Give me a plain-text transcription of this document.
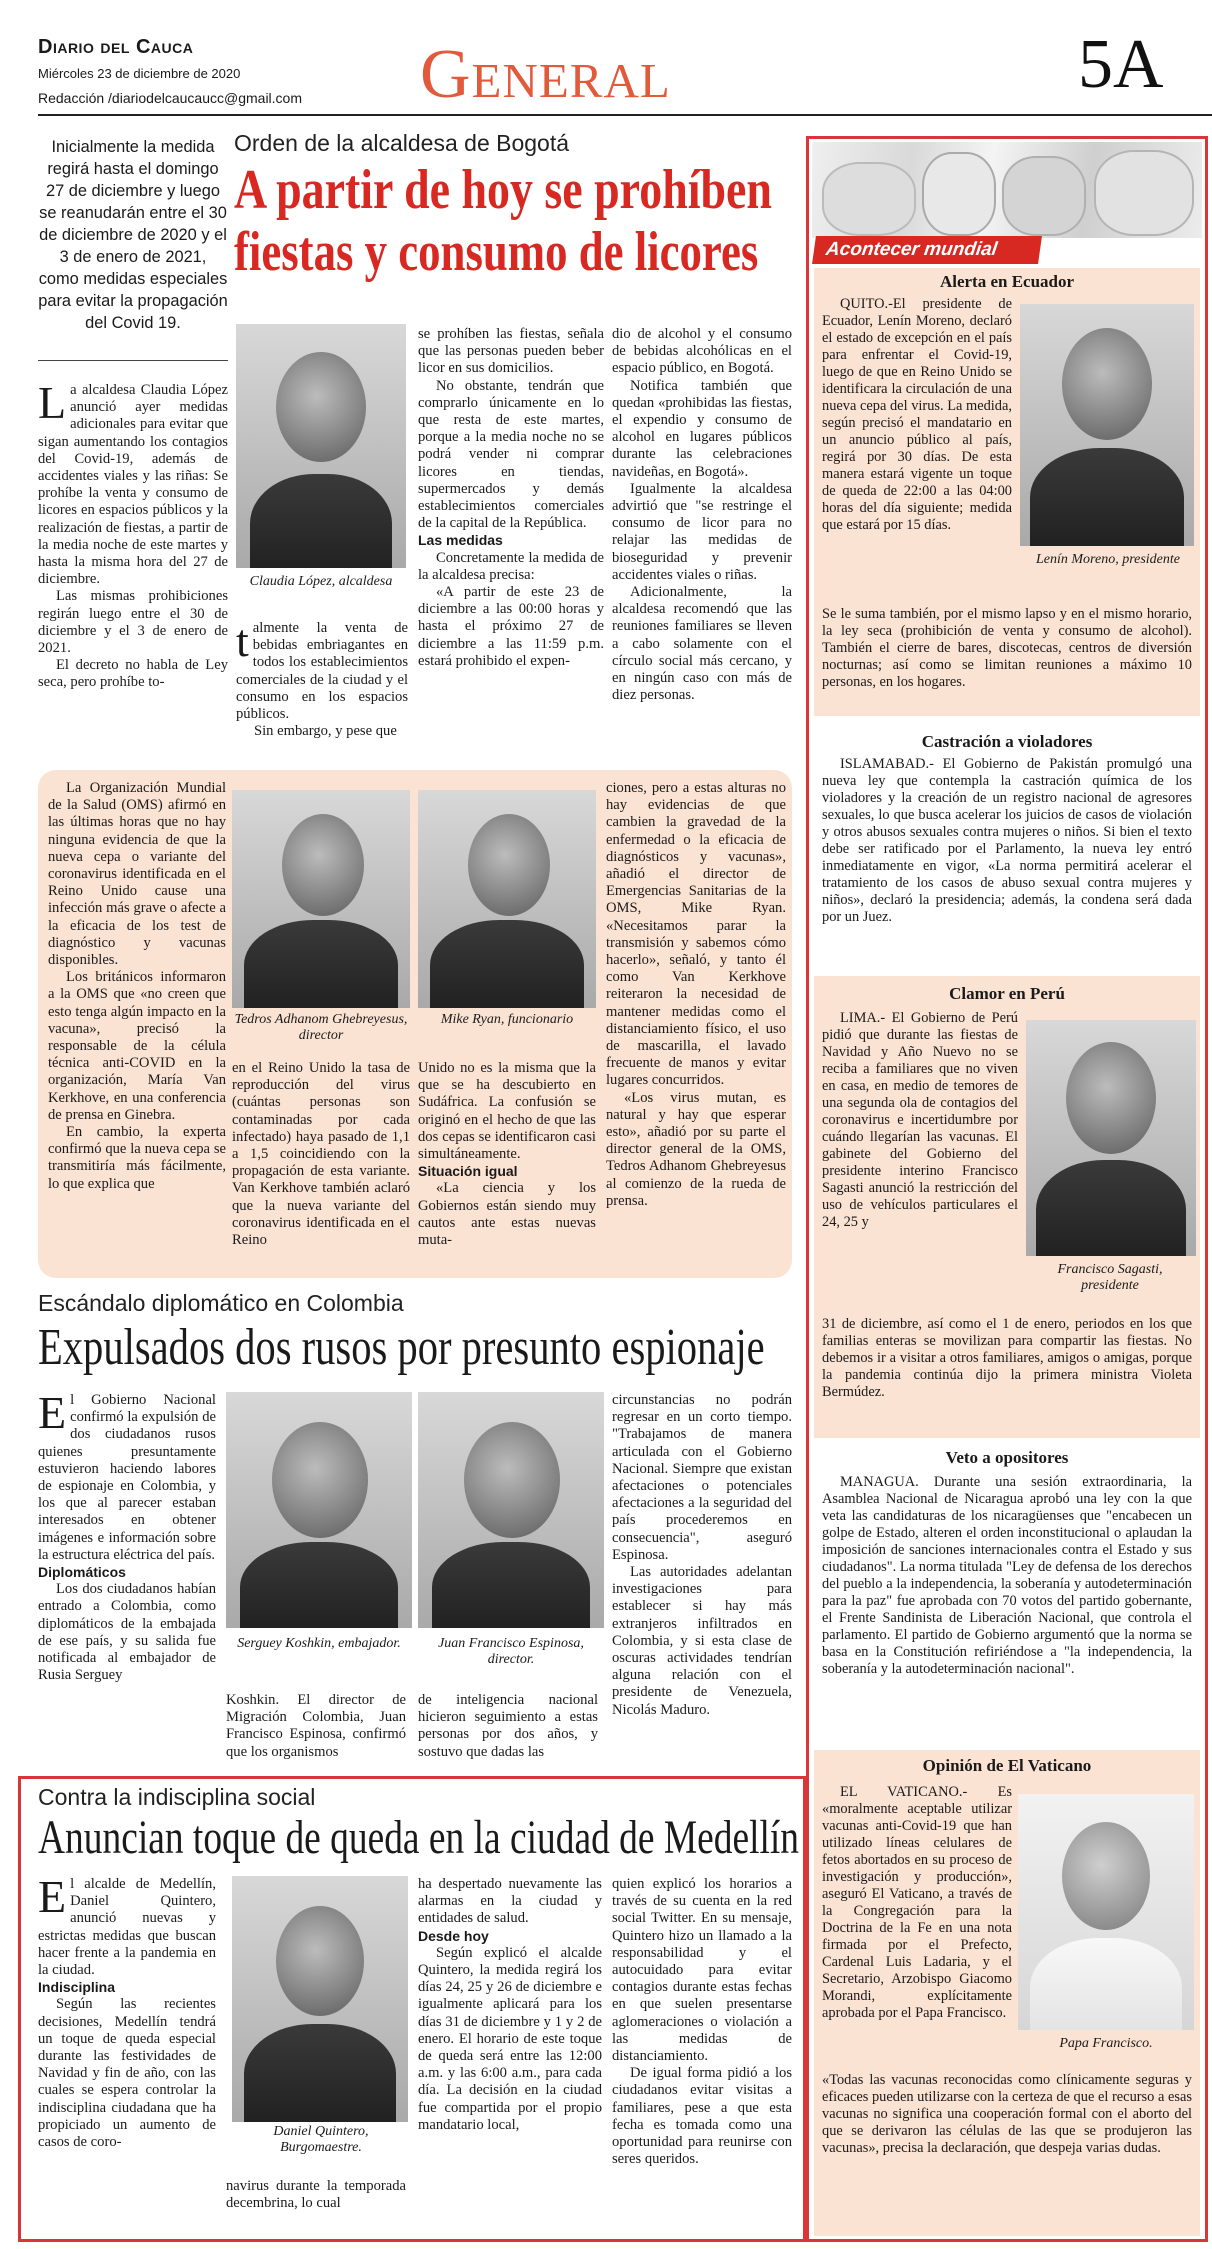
Diario del Cauca
Miércoles 23 de diciembre de 2020
Redacción /diariodelcaucaucc@gmail.com General	5A
Inicialmente la medida regirá hasta el domingo 27 de diciembre y luego se reanudarán entre el 30 de diciembre de 2020 y el 3 de enero de 2021, como medidas especiales para evitar la propagación del Covid 19.
Orden de la alcaldesa de Bogotá
A partir de hoy se prohíben
fiestas y consumo de licores
Claudia López, alcaldesa

La alcaldesa Claudia López anunció ayer medidas adicionales para evitar que sigan aumentando los contagios del Covid-19, además de accidentes viales y las riñas: Se prohíbe la venta y consumo de licores en espacios públicos y la realización de fiestas, a partir de la media noche de este martes y hasta la misma hora del 27 de diciembre.

Las mismas prohibiciones regirán luego entre el 30 de diciembre y el 3 de enero de 2021.

El decreto no habla de Ley seca, pero prohíbe to-

talmente la venta de bebidas embriagantes en todos los establecimientos comerciales de la ciudad y el consumo en los espacios públicos.

Sin embargo, y pese que

se prohíben las fiestas, señala que las personas pueden beber licor en sus domicilios.

No obstante, tendrán que comprarlo únicamente en lo que resta de este martes, porque a la media noche no se podrá vender ni comprar licores en tiendas, supermercados y demás establecimientos comerciales de la capital de la República.

Las medidas

Concretamente la medida de la alcaldesa precisa:

«A partir de este 23 de diciembre a las 00:00 horas y hasta el próximo 27 de diciembre a las 11:59 p.m. estará prohibido el expen-

dio de alcohol y el consumo de bebidas alcohólicas en el espacio público, en Bogotá.

Notifica también que quedan «prohibidas las fiestas, el expendio y consumo de alcohol en lugares públicos durante las celebraciones navideñas, en Bogotá».

Igualmente la alcaldesa advirtió que "se restringe el consumo de licor para no relajar las medidas de bioseguridad y prevenir accidentes viales o riñas.

Adicionalmente, la alcaldesa recomendó que las reuniones familiares se lleven a cabo solamente con el círculo social más cercano, y en ningún caso con más de diez personas.

La Organización Mundial de la Salud (OMS) afirmó en las últimas horas que no hay ninguna evidencia de que la nueva cepa o variante del coronavirus identificada en el Reino Unido cause una infección más grave o afecte a la eficacia de los test de diagnóstico y vacunas disponibles.

Los británicos informaron a la OMS que «no creen que esto tenga algún impacto en la vacuna», precisó la responsable de la célula técnica anti-COVID en la organización, María Van Kerkhove, en una conferencia de prensa en Ginebra.

En cambio, la experta confirmó que la nueva cepa se transmitiría más fácilmente, lo que explica que

Tedros Adhanom Ghebreyesus, director
Mike Ryan, funcionario

en el Reino Unido la tasa de reproducción del virus (cuántas personas son contaminadas por cada infectado) haya pasado de 1,1 a 1,5 coincidiendo con la propagación de esta variante. Van Kerkhove también aclaró que la nueva variante del coronavirus identificada en el Reino

Unido no es la misma que la que se ha descubierto en Sudáfrica. La confusión se originó en el hecho de que las dos cepas se identificaron casi simultáneamente.

Situación igual

«La ciencia y los Gobiernos están siendo muy cautos ante estas nuevas muta-

ciones, pero a estas alturas no hay evidencias de que cambien la gravedad de la enfermedad o la eficacia de diagnósticos y vacunas», añadió el director de Emergencias Sanitarias de la OMS, Mike Ryan. «Necesitamos parar la transmisión y sabemos cómo hacerlo», señaló, y tanto él como Van Kerkhove reiteraron la necesidad de mantener medidas como el distanciamiento físico, el uso de mascarilla, el lavado frecuente de manos y evitar lugares concurridos.

«Los virus mutan, es natural y hay que esperar esto», añadió por su parte el director general de la OMS, Tedros Adhanom Ghebreyesus al comienzo de la rueda de prensa.

Escándalo diplomático en Colombia
Expulsados dos rusos por presunto espionaje

El Gobierno Nacional confirmó la expulsión de dos ciudadanos rusos quienes presuntamente estuvieron haciendo labores de espionaje en Colombia, y los que al parecer estaban interesados en obtener imágenes e información sobre la estructura eléctrica del país.

Diplomáticos

Los dos ciudadanos habían entrado a Colombia, como diplomáticos de la embajada de ese país, y su salida fue notificada al embajador de Rusia Serguey

Serguey Koshkin, embajador.	Juan Francisco Espinosa, director.

Koshkin. El director de Migración Colombia, Juan Francisco Espinosa, confirmó que los organismos

de inteligencia nacional hicieron seguimiento a estas personas por dos años, y sostuvo que dadas las

circunstancias no podrán regresar en un corto tiempo. "Trabajamos de manera articulada con el Gobierno Nacional. Siempre que existan afectaciones o potenciales afectaciones a la seguridad del país procederemos en consecuencia", aseguró Espinosa.

Las autoridades adelantan investigaciones para establecer si hay más extranjeros infiltrados en Colombia, y si esta clase de oscuras actividades tendrían alguna relación con el presidente de Venezuela, Nicolás Maduro.

Contra la indisciplina social
Anuncian toque de queda en la ciudad de Medellín

El alcalde de Medellín, Daniel Quintero, anunció nuevas y estrictas medidas que buscan hacer frente a la pandemia en la ciudad.

Indisciplina

Según las recientes decisiones, Medellín tendrá un toque de queda especial durante las festividades de Navidad y fin de año, con las cuales se espera controlar la indisciplina ciudadana que ha propiciado un aumento de casos de coro-

Daniel Quintero, Burgomaestre.

navirus durante la temporada decembrina, lo cual

ha despertado nuevamente las alarmas en la ciudad y entidades de salud.

Desde hoy

Según explicó el alcalde Quintero, la medida regirá los días 24, 25 y 26 de diciembre e igualmente aplicará para los días 31 de diciembre y 1 y 2 de enero. El horario de este toque de queda será entre las 12:00 a.m. y las 6:00 a.m., para cada día. La decisión en la ciudad fue compartida por el propio mandatario local,

quien explicó los horarios a través de su cuenta en la red social Twitter. En su mensaje, Quintero hizo un llamado a la responsabilidad y el autocuidado para evitar contagios durante estas fechas en que suelen presentarse aglomeraciones o violación a las medidas de distanciamiento.

De igual forma pidió a los ciudadanos evitar visitas a familiares, pese a que esta fecha es tomada como una oportunidad para reunirse con seres queridos.

Acontecer mundial
Alerta en Ecuador

QUITO.-El presidente de Ecuador, Lenín Moreno, declaró el estado de excepción en el país para enfrentar el Covid-19, luego de que en Reino Unido se identificara la circulación de una nueva cepa del virus. La medida, según precisó el mandatario en un anuncio público al país, regirá por 30 días. De esta manera estará vigente un toque de queda de 22:00 a las 04:00 horas del día siguiente; medida que estará por 15 días.

Lenín Moreno, presidente

Se le suma también, por el mismo lapso y en el mismo horario, la ley seca (prohibición de venta y consumo de alcohol). También el cierre de bares, discotecas, centros de diversión nocturnas; así como se limitan reuniones a máximo 10 personas, en los hogares.

Castración a violadores

ISLAMABAD.- El Gobierno de Pakistán promulgó una nueva ley que contempla la castración química de los violadores y la creación de un registro nacional de agresores sexuales, lo que busca acelerar los juicios de casos de violación y otros abusos sexuales contra mujeres o niños. Si bien el texto debe ser ratificado por el Parlamento, la nueva ley entró inmediatamente en vigor, «La norma permitirá acelerar el tratamiento de los casos de abuso sexual contra mujeres y niños», declaró la presidencia; además, la condena será dada por un Juez.

Clamor en Perú

LIMA.- El Gobierno de Perú pidió que durante las fiestas de Navidad y Año Nuevo no se reciba a familiares que no viven en casa, en medio de temores de una segunda ola de contagios del coronavirus e incertidumbre por cuándo llegarían las vacunas. El gabinete del Gobierno del presidente interino Francisco Sagasti anunció la restricción del uso de vehículos particulares el 24, 25 y

Francisco Sagasti, presidente

31 de diciembre, así como el 1 de enero, periodos en los que familias enteras se movilizan para compartir las fiestas. No debemos ir a visitar a otros familiares, amigos o amigas, porque la pandemia continúa dijo la primera ministra Violeta Bermúdez.

Veto a opositores

MANAGUA. Durante una sesión extraordinaria, la Asamblea Nacional de Nicaragua aprobó una ley con la que veta las candidaturas de los nicaragüenses que "encabecen un golpe de Estado, alteren el orden inconstitucional o aplaudan la imposición de sanciones internacionales contra el Estado y sus ciudadanos". La norma titulada "Ley de defensa de los derechos del pueblo a la independencia, la soberanía y autodeterminación para la paz" fue aprobada con 70 votos del partido gobernante, el Frente Sandinista de Liberación Nacional, que controla el parlamento. El partido de Gobierno argumentó que la norma se basa en la Constitución refiriéndose a "la independencia, la soberanía y la autodeterminación nacional".

Opinión de El Vaticano

EL VATICANO.- Es «moralmente aceptable utilizar vacunas anti-Covid-19 que han utilizado líneas celulares de fetos abortados en su proceso de investigación y producción», aseguró El Vaticano, a través de la Congregación para la Doctrina de la Fe en una nota firmada por el Prefecto, Cardenal Luis Ladaria, y el Secretario, Arzobispo Giacomo Morandi, explícitamente aprobada por el Papa Francisco.

Papa Francisco.

«Todas las vacunas reconocidas como clínicamente seguras y eficaces pueden utilizarse con la certeza de que el recurso a esas vacunas no significa una cooperación formal con el aborto del que se derivaron las células de las que se produjeron las vacunas», precisa la declaración, que despeja varias dudas.
